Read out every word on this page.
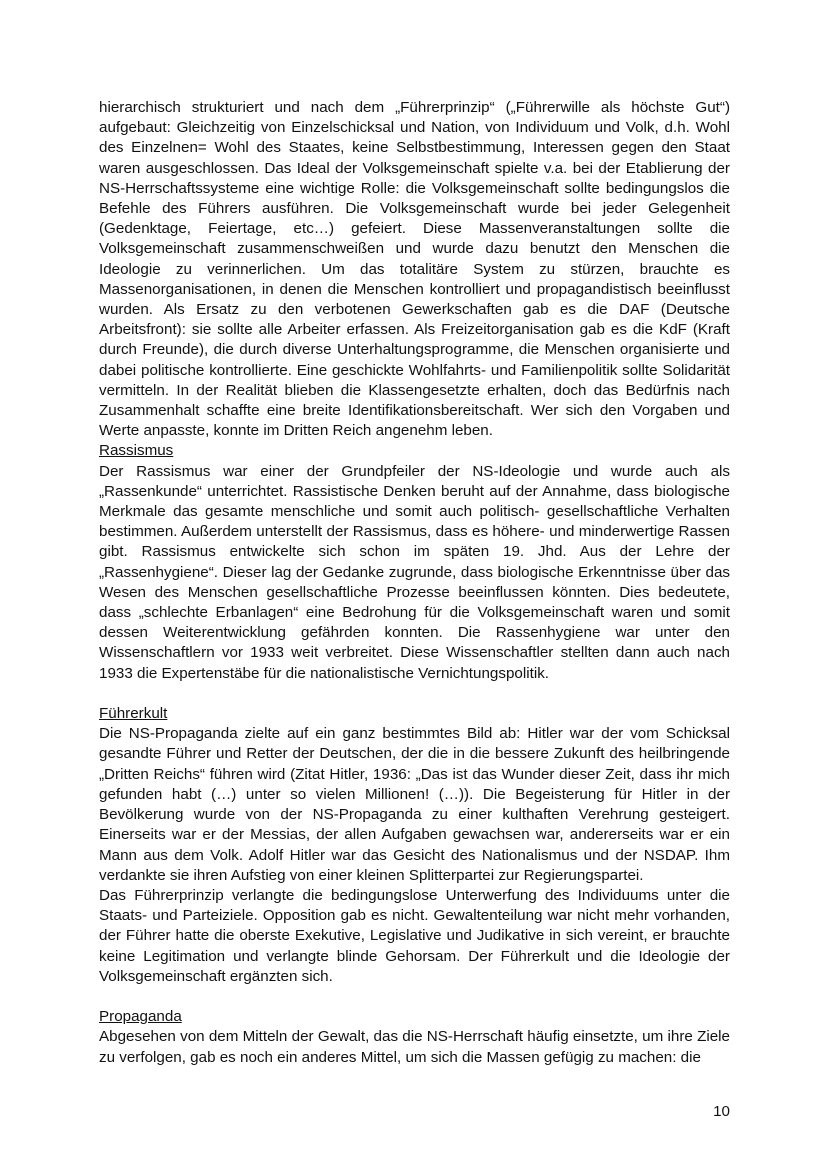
hierarchisch strukturiert und nach dem „Führerprinzip“ („Führerwille als höchste Gut“) aufgebaut: Gleichzeitig von Einzelschicksal und Nation, von Individuum und Volk, d.h. Wohl des Einzelnen= Wohl des Staates, keine Selbstbestimmung, Interessen gegen den Staat waren ausgeschlossen. Das Ideal der Volksgemeinschaft spielte v.a. bei der Etablierung der NS-Herrschaftssysteme eine wichtige Rolle: die Volksgemeinschaft sollte bedingungslos die Befehle des Führers ausführen. Die Volksgemeinschaft wurde bei jeder Gelegenheit (Gedenktage, Feiertage, etc…) gefeiert. Diese Massenveranstaltungen sollte die Volksgemeinschaft zusammenschweißen und wurde dazu benutzt den Menschen die Ideologie zu verinnerlichen. Um das totalitäre System zu stürzen, brauchte es Massenorganisationen, in denen die Menschen kontrolliert und propagandistisch beeinflusst wurden. Als Ersatz zu den verbotenen Gewerkschaften gab es die DAF (Deutsche Arbeitsfront): sie sollte alle Arbeiter erfassen. Als Freizeitorganisation gab es die KdF (Kraft durch Freunde), die durch diverse Unterhaltungsprogramme, die Menschen organisierte und dabei politische kontrollierte. Eine geschickte Wohlfahrts- und Familienpolitik sollte Solidarität vermitteln. In der Realität blieben die Klassengesetzte erhalten, doch das Bedürfnis nach Zusammenhalt schaffte eine breite Identifikationsbereitschaft. Wer sich den Vorgaben und Werte anpasste, konnte im Dritten Reich angenehm leben.

Rassismus

Der Rassismus war einer der Grundpfeiler der NS-Ideologie und wurde auch als „Rassenkunde“ unterrichtet. Rassistische Denken beruht auf der Annahme, dass biologische Merkmale das gesamte menschliche und somit auch politisch- gesellschaftliche Verhalten bestimmen. Außerdem unterstellt der Rassismus, dass es höhere- und minderwertige Rassen gibt. Rassismus entwickelte sich schon im späten 19. Jhd. Aus der Lehre der „Rassenhygiene“. Dieser lag der Gedanke zugrunde, dass biologische Erkenntnisse über das Wesen des Menschen gesellschaftliche Prozesse beeinflussen könnten. Dies bedeutete, dass „schlechte Erbanlagen“ eine Bedrohung für die Volksgemeinschaft waren und somit dessen Weiterentwicklung gefährden konnten. Die Rassenhygiene war unter den Wissenschaftlern vor 1933 weit verbreitet. Diese Wissenschaftler stellten dann auch nach 1933 die Expertenstäbe für die nationalistische Vernichtungspolitik.

Führerkult

Die NS-Propaganda zielte auf ein ganz bestimmtes Bild ab: Hitler war der vom Schicksal gesandte Führer und Retter der Deutschen, der die in die bessere Zukunft des heilbringende „Dritten Reichs“ führen wird (Zitat Hitler, 1936: „Das ist das Wunder dieser Zeit, dass ihr mich gefunden habt (…) unter so vielen Millionen! (…)). Die Begeisterung für Hitler in der Bevölkerung wurde von der NS-Propaganda zu einer kulthaften Verehrung gesteigert. Einerseits war er der Messias, der allen Aufgaben gewachsen war, andererseits war er ein Mann aus dem Volk. Adolf Hitler war das Gesicht des Nationalismus und der NSDAP. Ihm verdankte sie ihren Aufstieg von einer kleinen Splitterpartei zur Regierungspartei.

Das Führerprinzip verlangte die bedingungslose Unterwerfung des Individuums unter die Staats- und Parteiziele. Opposition gab es nicht. Gewaltenteilung war nicht mehr vorhanden, der Führer hatte die oberste Exekutive, Legislative und Judikative in sich vereint, er brauchte keine Legitimation und verlangte blinde Gehorsam. Der Führerkult und die Ideologie der Volksgemeinschaft ergänzten sich.

Propaganda

Abgesehen von dem Mitteln der Gewalt, das die NS-Herrschaft häufig einsetzte, um ihre Ziele zu verfolgen, gab es noch ein anderes Mittel, um sich die Massen gefügig zu machen: die

10
